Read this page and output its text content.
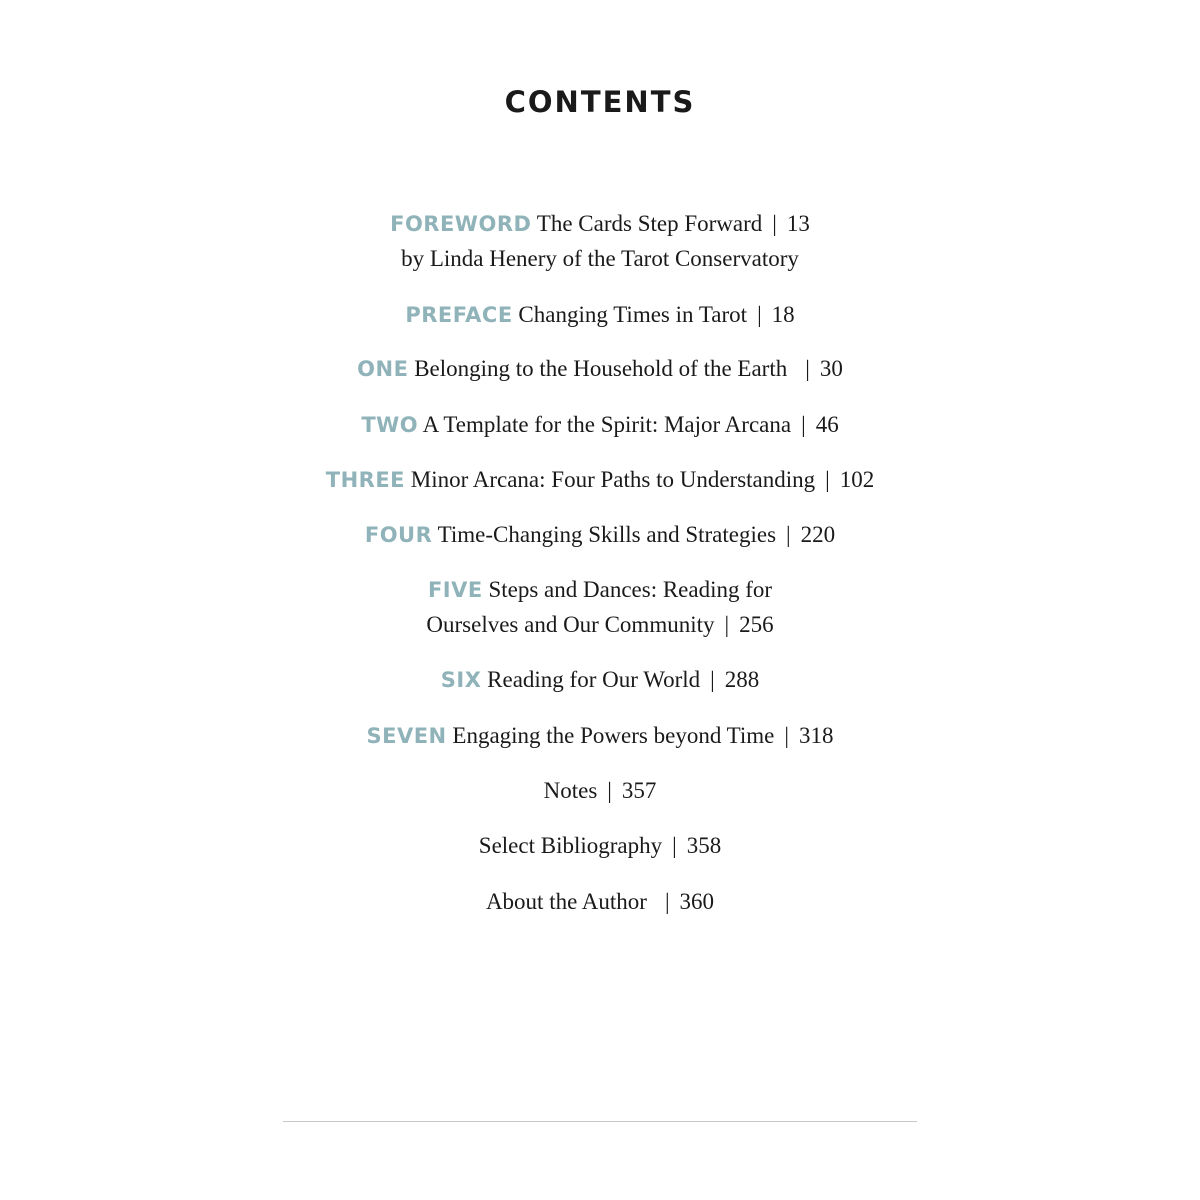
CONTENTS
FOREWORD The Cards Step Forward | 13
by Linda Henery of the Tarot Conservatory
PREFACE Changing Times in Tarot | 18
ONE Belonging to the Household of the Earth | 30
TWO A Template for the Spirit: Major Arcana | 46
THREE Minor Arcana: Four Paths to Understanding | 102
FOUR Time-Changing Skills and Strategies | 220
FIVE Steps and Dances: Reading for
Ourselves and Our Community | 256
SIX Reading for Our World | 288
SEVEN Engaging the Powers beyond Time | 318
Notes | 357
Select Bibliography | 358
About the Author | 360
